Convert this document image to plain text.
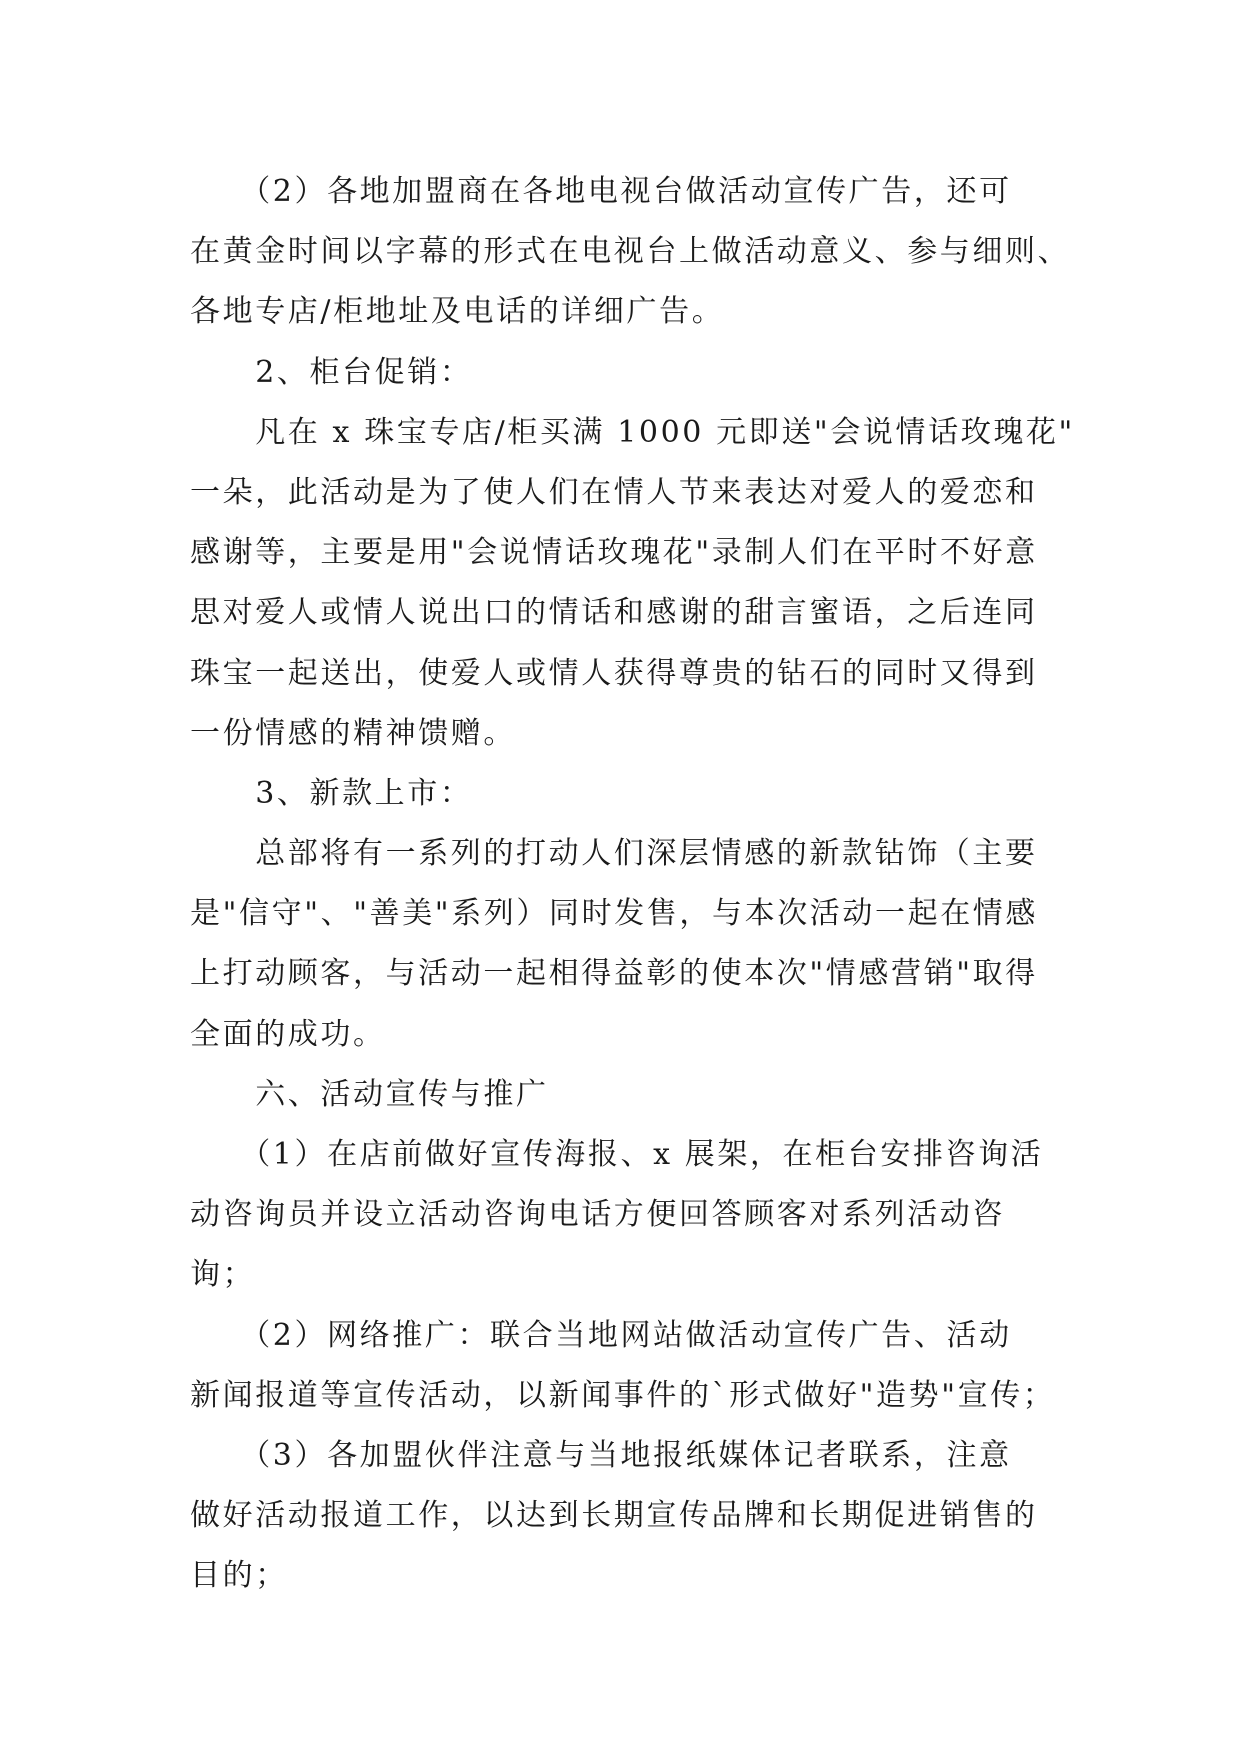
　　（2）各地加盟商在各地电视台做活动宣传广告，还可
在黄金时间以字幕的形式在电视台上做活动意义、参与细则、
各地专店/柜地址及电话的详细广告。
　　2、柜台促销：
　　凡在 x 珠宝专店/柜买满 1000 元即送"会说情话玫瑰花"
一朵，此活动是为了使人们在情人节来表达对爱人的爱恋和
感谢等，主要是用"会说情话玫瑰花"录制人们在平时不好意
思对爱人或情人说出口的情话和感谢的甜言蜜语，之后连同
珠宝一起送出，使爱人或情人获得尊贵的钻石的同时又得到
一份情感的精神馈赠。
　　3、新款上市：
　　总部将有一系列的打动人们深层情感的新款钻饰（主要
是"信守"、"善美"系列）同时发售，与本次活动一起在情感
上打动顾客，与活动一起相得益彰的使本次"情感营销"取得
全面的成功。
　　六、活动宣传与推广
　　（1）在店前做好宣传海报、x 展架，在柜台安排咨询活
动咨询员并设立活动咨询电话方便回答顾客对系列活动咨
询；
　　（2）网络推广：联合当地网站做活动宣传广告、活动
新闻报道等宣传活动，以新闻事件的`形式做好"造势"宣传；
　　（3）各加盟伙伴注意与当地报纸媒体记者联系，注意
做好活动报道工作，以达到长期宣传品牌和长期促进销售的
目的；
